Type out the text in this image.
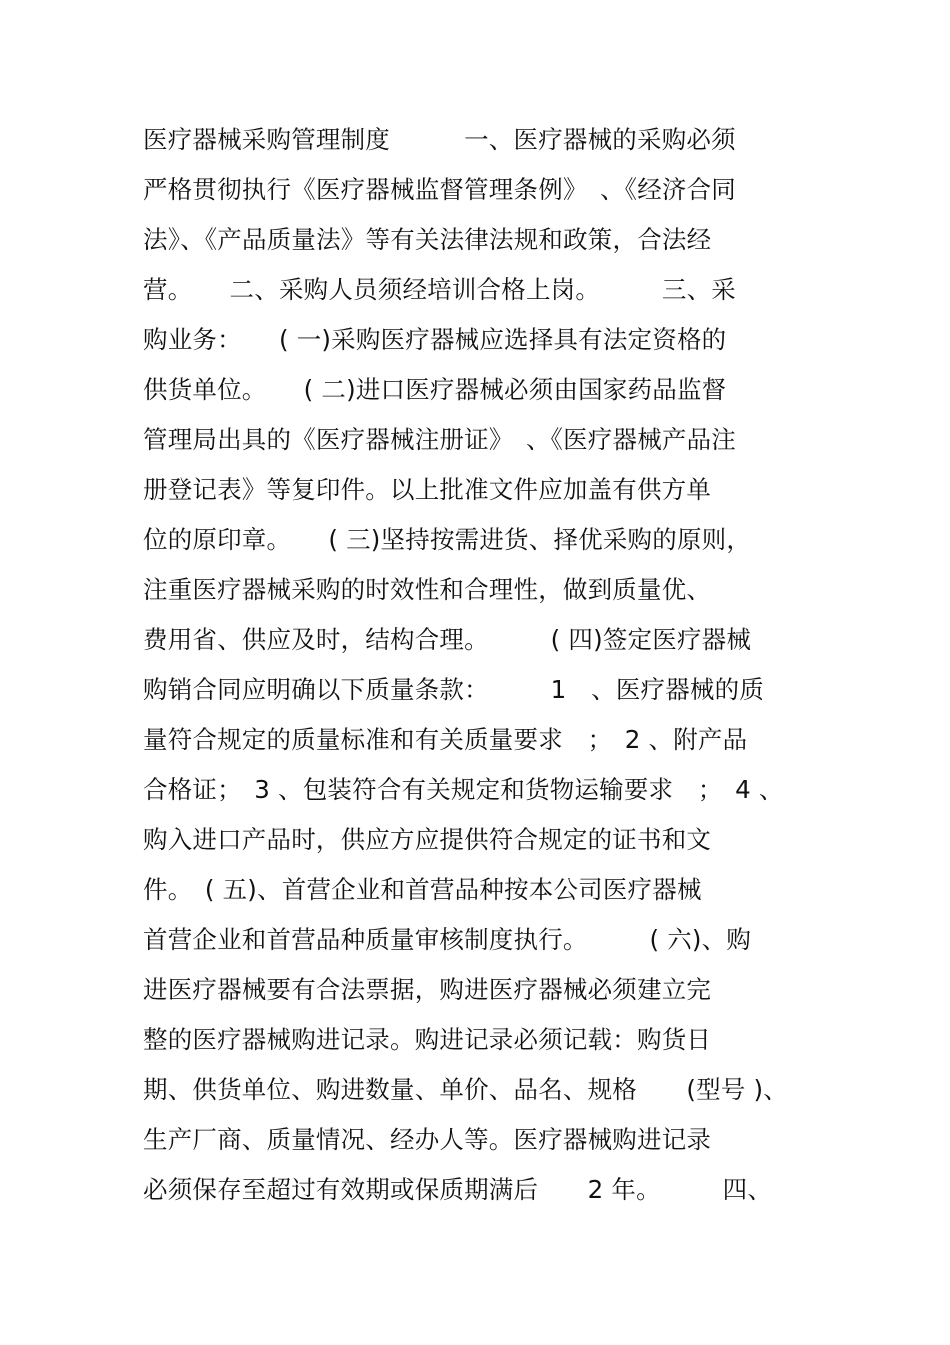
医疗器械采购管理制度　　　一、医疗器械的采购必须
严格贯彻执行《医疗器械监督管理条例》　、《经济合同
法》、《产品质量法》等有关法律法规和政策，合法经
营。　　二、采购人员须经培训合格上岗。　　　三、采
购业务：　　( 一)采购医疗器械应选择具有法定资格的
供货单位。　　( 二)进口医疗器械必须由国家药品监督
管理局出具的《医疗器械注册证》　、《医疗器械产品注
册登记表》等复印件。以上批准文件应加盖有供方单
位的原印章。　　( 三)坚持按需进货、择优采购的原则，
注重医疗器械采购的时效性和合理性，做到质量优、
费用省、供应及时，结构合理。　　　( 四)签定医疗器械
购销合同应明确以下质量条款：　　　1　、医疗器械的质
量符合规定的质量标准和有关质量要求　；　2 、附产品
合格证；　3 、包装符合有关规定和货物运输要求　；　4 、
购入进口产品时，供应方应提供符合规定的证书和文
件。　( 五)、首营企业和首营品种按本公司医疗器械
首营企业和首营品种质量审核制度执行。　　　( 六)、购
进医疗器械要有合法票据，购进医疗器械必须建立完
整的医疗器械购进记录。购进记录必须记载：购货日
期、供货单位、购进数量、单价、品名、规格　　(型号 )、
生产厂商、质量情况、经办人等。医疗器械购进记录
必须保存至超过有效期或保质期满后　　2 年。　　　四、
